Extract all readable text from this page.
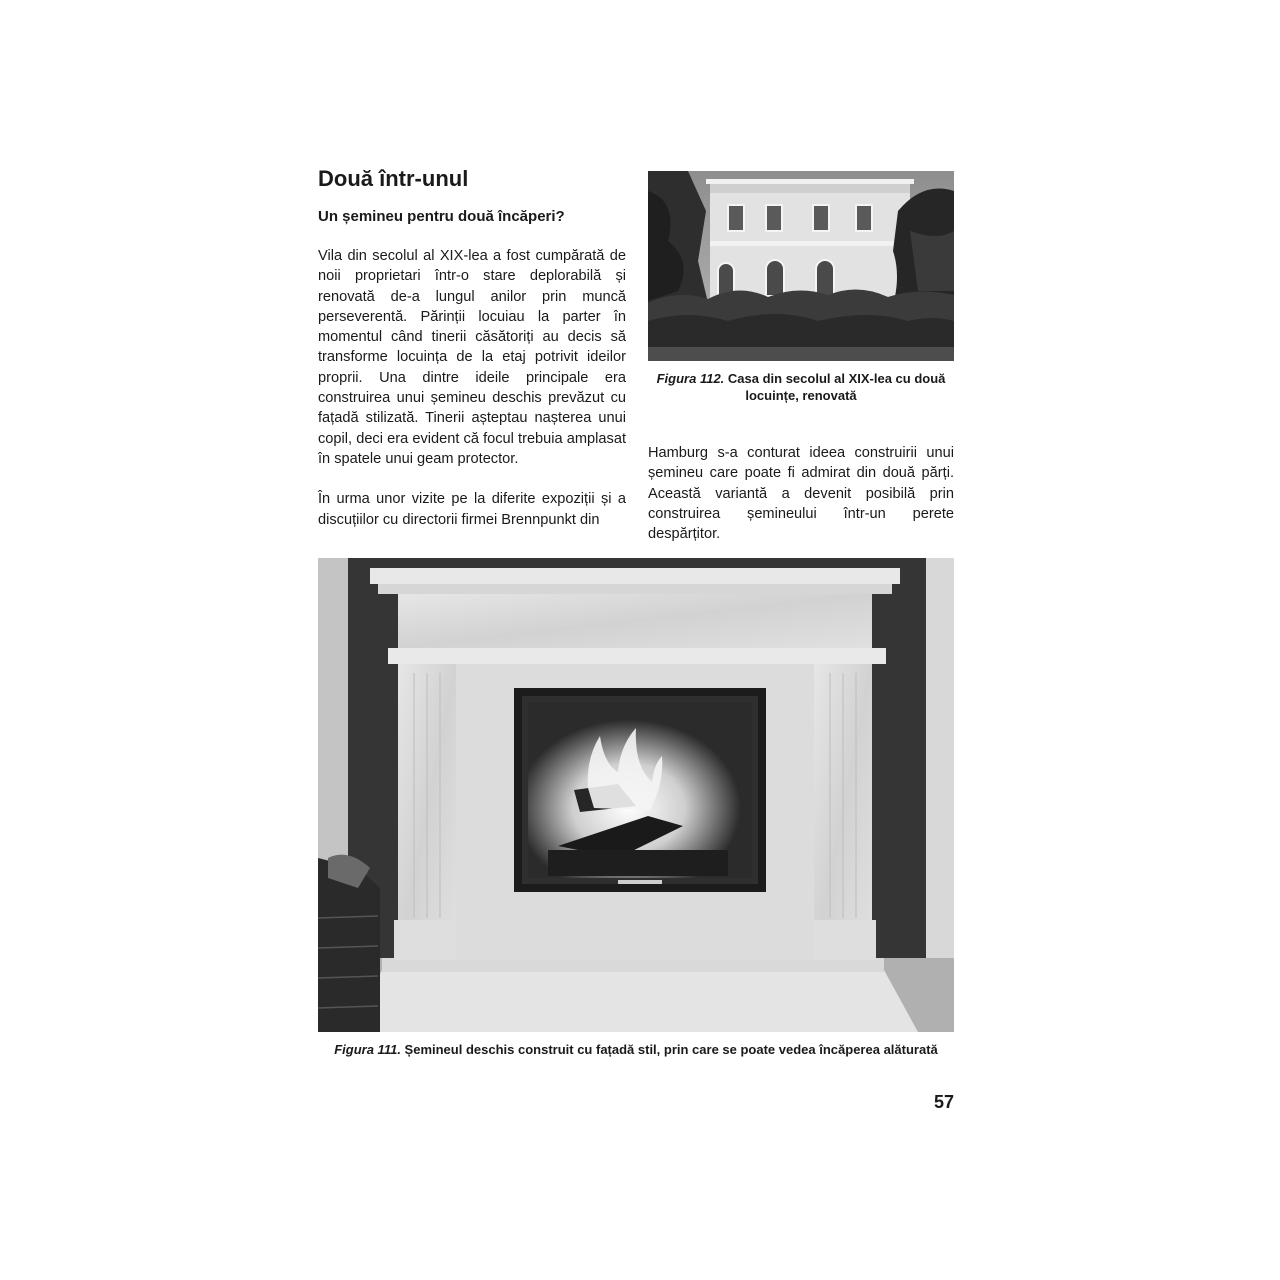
Două într-unul
Un șemineu pentru două încăperi?

Vila din secolul al XIX-lea a fost cumpărată de noii proprietari într-o stare deplorabilă și renovată de-a lungul anilor prin muncă perseverentă. Părinții locuiau la parter în momentul când tinerii căsătoriți au decis să transforme locuința de la etaj potrivit ideilor proprii. Una dintre ideile principale era construirea unui șemineu deschis prevăzut cu fațadă stilizată. Tinerii așteptau nașterea unui copil, deci era evident că focul trebuia amplasat în spatele unui geam protector.

În urma unor vizite pe la diferite expoziții și a discuțiilor cu directorii firmei Brennpunkt din

Figura 112. Casa din secolul al XIX-lea cu două locuințe, renovată

Hamburg s-a conturat ideea construirii unui șemineu care poate fi admirat din două părți. Această variantă a devenit posibilă prin construirea șemineului într-un perete despărțitor.

Figura 111. Șemineul deschis construit cu fațadă stil, prin care se poate vedea încăperea alăturată
57
